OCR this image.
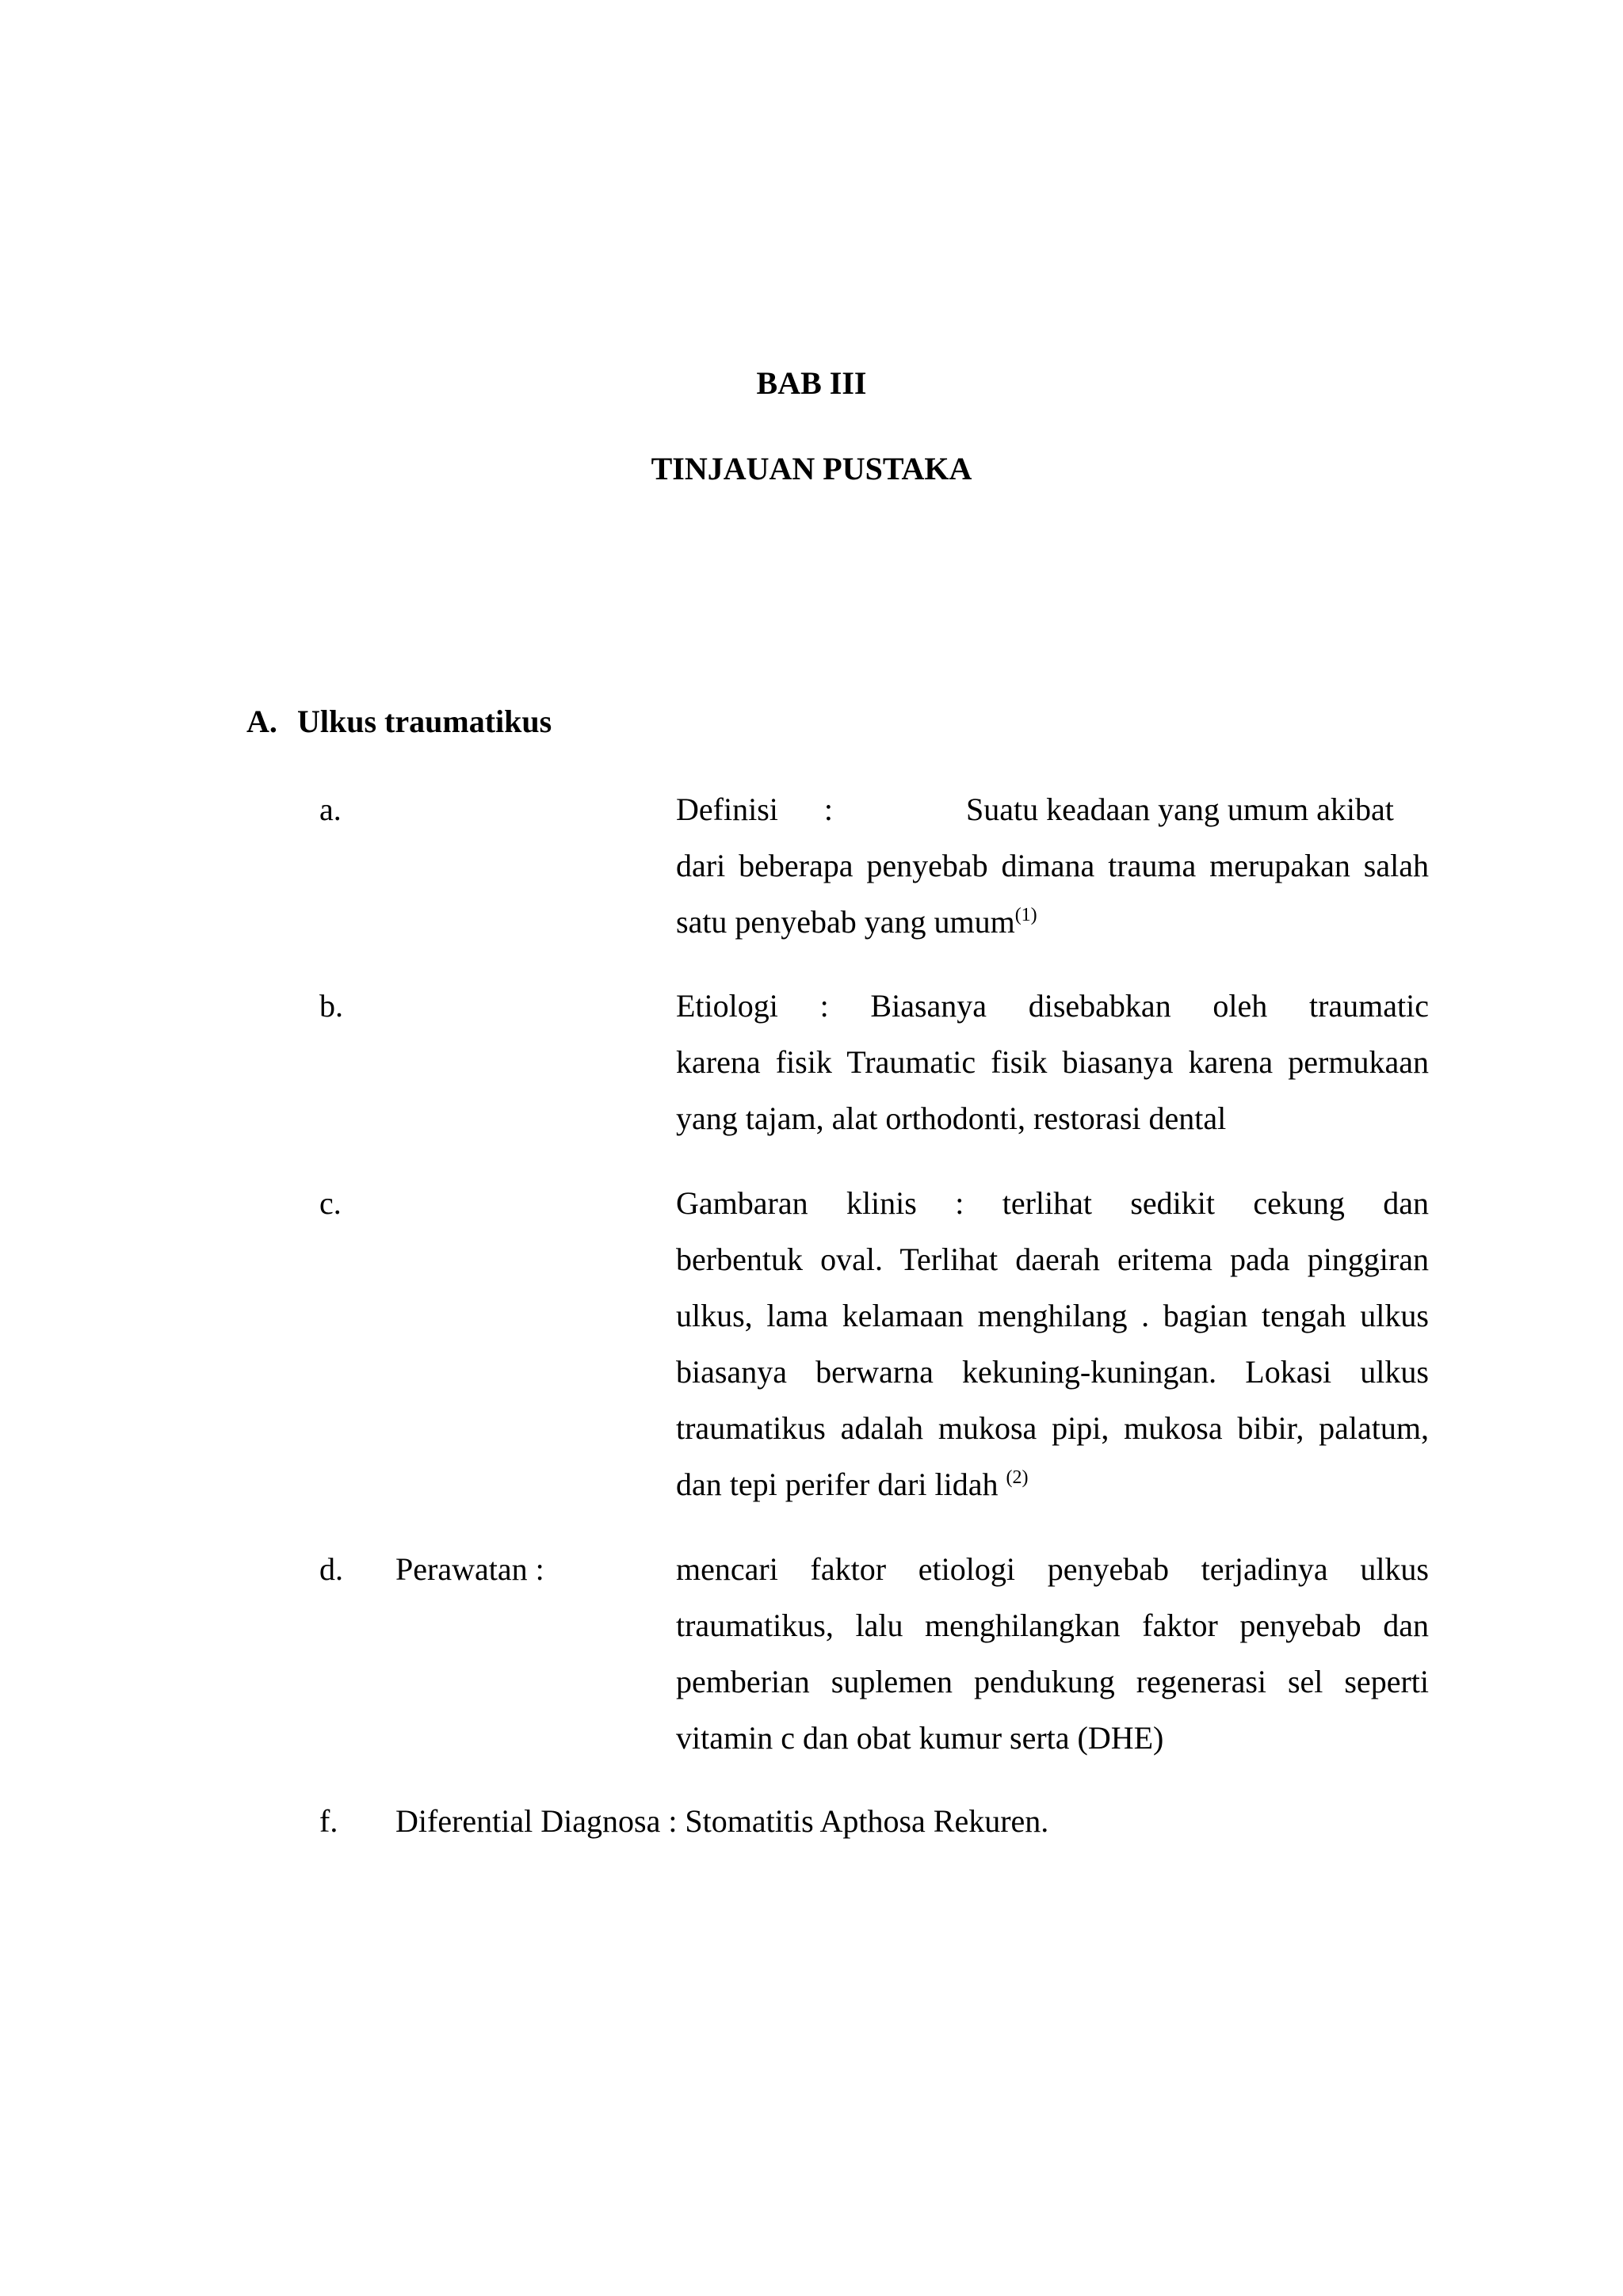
BAB III
TINJAUAN PUSTAKA
A. Ulkus traumatikus
a.	Definisi :	Suatu keadaan yang umum akibat
dari beberapa penyebab dimana trauma merupakan salah
satu penyebab yang umum$^{(1)}$
b.	Etiologi : Biasanya disebabkan oleh traumatic
karena fisik Traumatic fisik biasanya karena permukaan
yang tajam, alat orthodonti, restorasi dental
c.	Gambaran klinis : terlihat sedikit cekung dan
berbentuk oval. Terlihat daerah eritema pada pinggiran
ulkus, lama kelamaan menghilang . bagian tengah ulkus
biasanya berwarna kekuning-kuningan. Lokasi ulkus
traumatikus adalah mukosa pipi, mukosa bibir, palatum,
dan tepi perifer dari lidah $^{(2)}$
d. Perawatan :	mencari faktor etiologi penyebab terjadinya ulkus
traumatikus, lalu menghilangkan faktor penyebab dan
pemberian suplemen pendukung regenerasi sel seperti
vitamin c dan obat kumur serta (DHE)
f. Diferential Diagnosa : Stomatitis Apthosa Rekuren.
